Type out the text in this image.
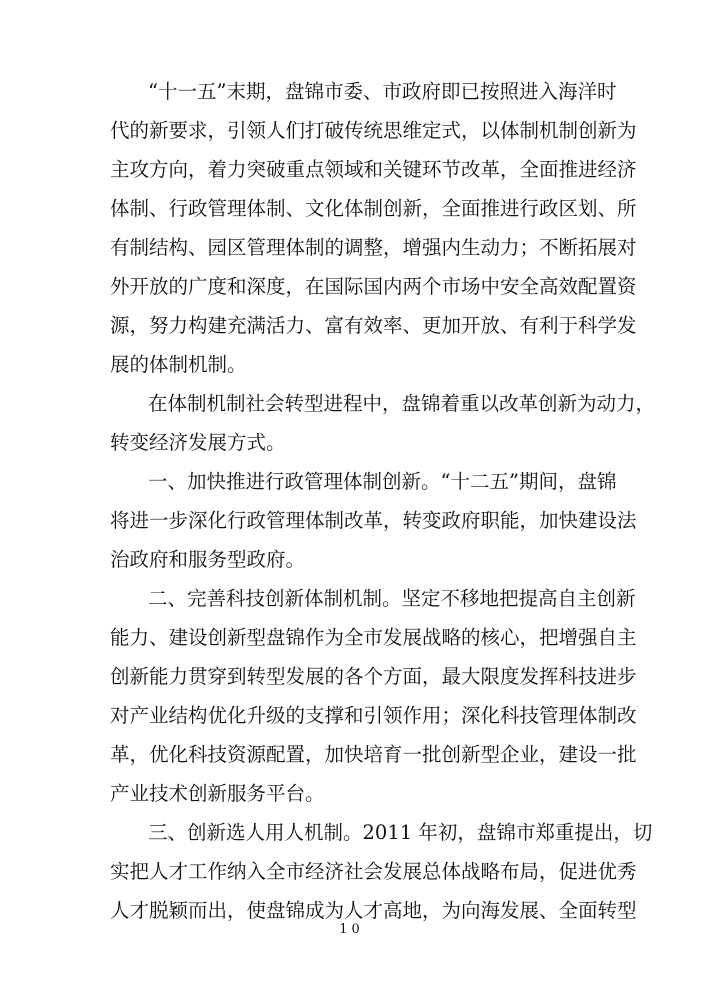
“十一五”末期，盘锦市委、市政府即已按照进入海洋时
代的新要求，引领人们打破传统思维定式，以体制机制创新为
主攻方向，着力突破重点领域和关键环节改革，全面推进经济
体制、行政管理体制、文化体制创新，全面推进行政区划、所
有制结构、园区管理体制的调整，增强内生动力；不断拓展对
外开放的广度和深度，在国际国内两个市场中安全高效配置资
源，努力构建充满活力、富有效率、更加开放、有利于科学发
展的体制机制。
在体制机制社会转型进程中，盘锦着重以改革创新为动力，
转变经济发展方式。
一、加快推进行政管理体制创新。“十二五”期间，盘锦
将进一步深化行政管理体制改革，转变政府职能，加快建设法
治政府和服务型政府。
二、完善科技创新体制机制。坚定不移地把提高自主创新
能力、建设创新型盘锦作为全市发展战略的核心，把增强自主
创新能力贯穿到转型发展的各个方面，最大限度发挥科技进步
对产业结构优化升级的支撑和引领作用；深化科技管理体制改
革，优化科技资源配置，加快培育一批创新型企业，建设一批
产业技术创新服务平台。
三、创新选人用人机制。2011 年初，盘锦市郑重提出，切
实把人才工作纳入全市经济社会发展总体战略布局，促进优秀
人才脱颖而出，使盘锦成为人才高地，为向海发展、全面转型
10
